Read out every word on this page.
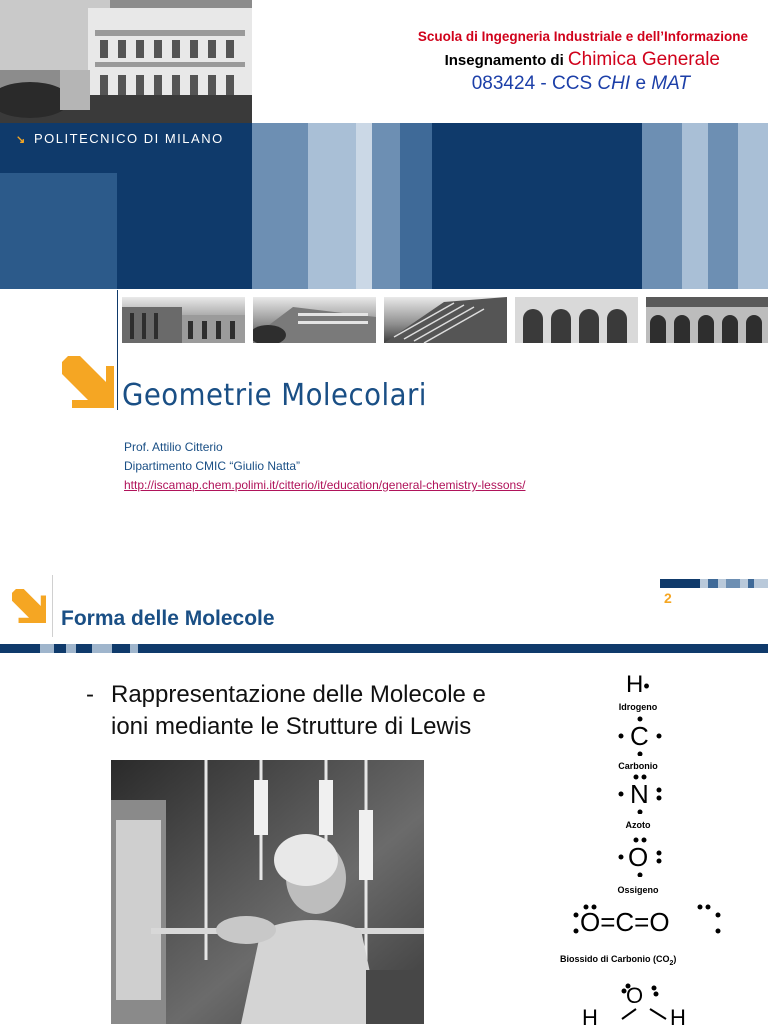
↘ POLITECNICO DI MILANO
Scuola di Ingegneria Industriale e dell’Informazione
Insegnamento di Chimica Generale
083424 - CCS CHI e MAT
Geometrie Molecolari
Prof. Attilio Citterio
Dipartimento CMIC “Giulio Natta”
http://iscamap.chem.polimi.it/citterio/it/education/general-chemistry-lessons/
Forma delle Molecole
2
- Rappresentazione delle Molecole e
ioni mediante le Strutture di Lewis
H•
Idrogeno
C
Carbonio
N
Azoto
O
Ossigeno
O=C=O
Biossido di Carbonio $(CO_2)$
O
H	H
